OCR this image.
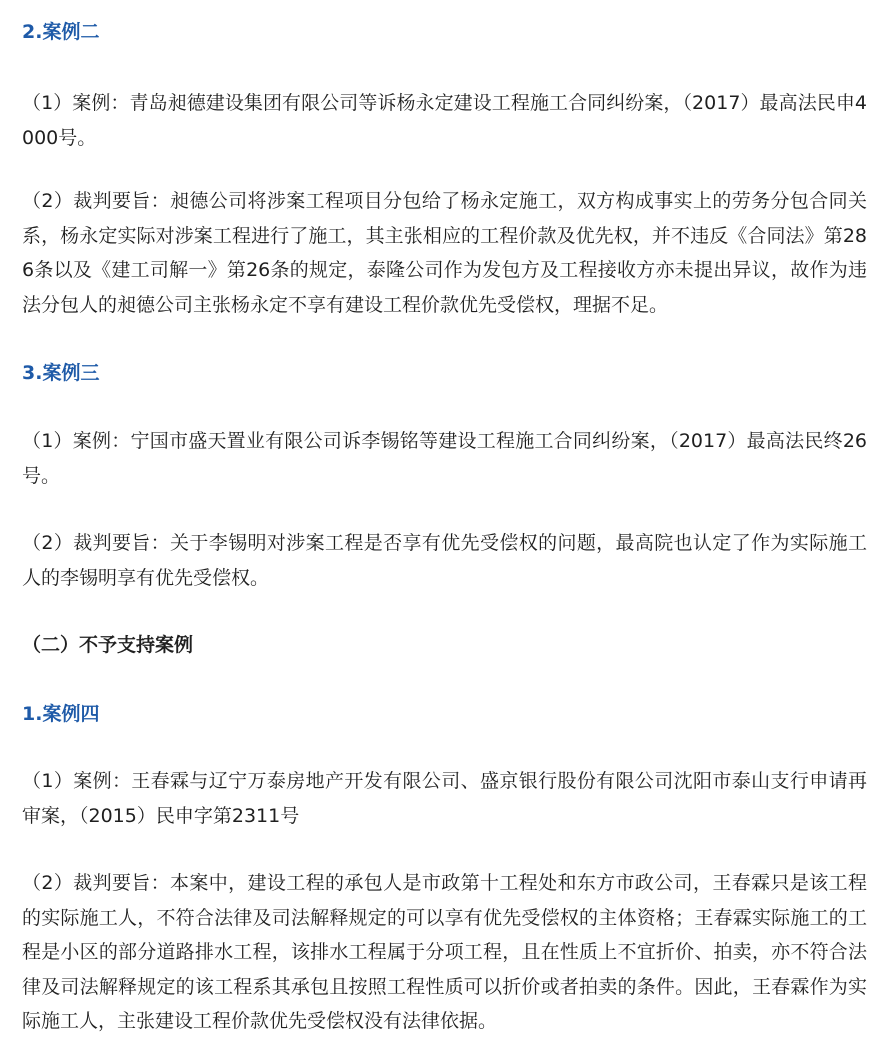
2.案例二

（1）案例：青岛昶德建设集团有限公司等诉杨永定建设工程施工合同纠纷案，（2017）最高法民申4000号。

（2）裁判要旨：昶德公司将涉案工程项目分包给了杨永定施工，双方构成事实上的劳务分包合同关系，杨永定实际对涉案工程进行了施工，其主张相应的工程价款及优先权，并不违反《合同法》第286条以及《建工司解一》第26条的规定，泰隆公司作为发包方及工程接收方亦未提出异议，故作为违法分包人的昶德公司主张杨永定不享有建设工程价款优先受偿权，理据不足。

3.案例三

（1）案例：宁国市盛天置业有限公司诉李锡铭等建设工程施工合同纠纷案，（2017）最高法民终26号。

（2）裁判要旨：关于李锡明对涉案工程是否享有优先受偿权的问题，最高院也认定了作为实际施工人的李锡明享有优先受偿权。

（二）不予支持案例
1.案例四

（1）案例：王春霖与辽宁万泰房地产开发有限公司、盛京银行股份有限公司沈阳市泰山支行申请再审案，（2015）民申字第2311号

（2）裁判要旨：本案中，建设工程的承包人是市政第十工程处和东方市政公司，王春霖只是该工程的实际施工人，不符合法律及司法解释规定的可以享有优先受偿权的主体资格；王春霖实际施工的工程是小区的部分道路排水工程，该排水工程属于分项工程，且在性质上不宜折价、拍卖，亦不符合法律及司法解释规定的该工程系其承包且按照工程性质可以折价或者拍卖的条件。因此，王春霖作为实际施工人，主张建设工程价款优先受偿权没有法律依据。
